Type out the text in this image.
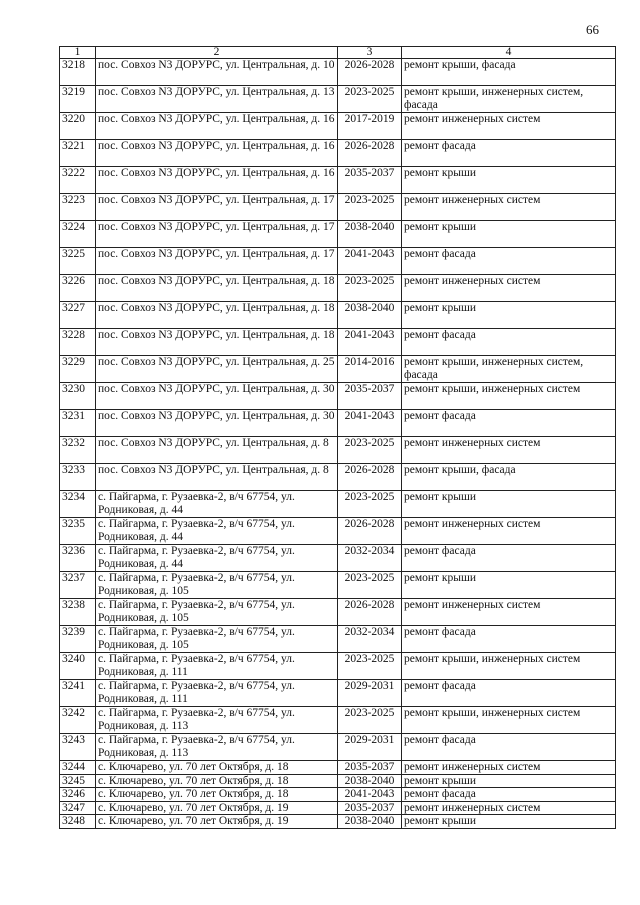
66
1	2	3	4
3218	пос. Совхоз N3 ДОРУРС, ул. Центральная, д. 10	2026-2028	ремонт крыши, фасада
3219	пос. Совхоз N3 ДОРУРС, ул. Центральная, д. 13	2023-2025	ремонт крыши, инженерных систем, фасада
3220	пос. Совхоз N3 ДОРУРС, ул. Центральная, д. 16	2017-2019	ремонт инженерных систем
3221	пос. Совхоз N3 ДОРУРС, ул. Центральная, д. 16	2026-2028	ремонт фасада
3222	пос. Совхоз N3 ДОРУРС, ул. Центральная, д. 16	2035-2037	ремонт крыши
3223	пос. Совхоз N3 ДОРУРС, ул. Центральная, д. 17	2023-2025	ремонт инженерных систем
3224	пос. Совхоз N3 ДОРУРС, ул. Центральная, д. 17	2038-2040	ремонт крыши
3225	пос. Совхоз N3 ДОРУРС, ул. Центральная, д. 17	2041-2043	ремонт фасада
3226	пос. Совхоз N3 ДОРУРС, ул. Центральная, д. 18	2023-2025	ремонт инженерных систем
3227	пос. Совхоз N3 ДОРУРС, ул. Центральная, д. 18	2038-2040	ремонт крыши
3228	пос. Совхоз N3 ДОРУРС, ул. Центральная, д. 18	2041-2043	ремонт фасада
3229	пос. Совхоз N3 ДОРУРС, ул. Центральная, д. 25	2014-2016	ремонт крыши, инженерных систем, фасада
3230	пос. Совхоз N3 ДОРУРС, ул. Центральная, д. 30	2035-2037	ремонт крыши, инженерных систем
3231	пос. Совхоз N3 ДОРУРС, ул. Центральная, д. 30	2041-2043	ремонт фасада
3232	пос. Совхоз N3 ДОРУРС, ул. Центральная, д. 8	2023-2025	ремонт инженерных систем
3233	пос. Совхоз N3 ДОРУРС, ул. Центральная, д. 8	2026-2028	ремонт крыши, фасада
3234	с. Пайгарма, г. Рузаевка-2, в/ч 67754, ул. Родниковая, д. 44	2023-2025	ремонт крыши
3235	с. Пайгарма, г. Рузаевка-2, в/ч 67754, ул. Родниковая, д. 44	2026-2028	ремонт инженерных систем
3236	с. Пайгарма, г. Рузаевка-2, в/ч 67754, ул. Родниковая, д. 44	2032-2034	ремонт фасада
3237	с. Пайгарма, г. Рузаевка-2, в/ч 67754, ул. Родниковая, д. 105	2023-2025	ремонт крыши
3238	с. Пайгарма, г. Рузаевка-2, в/ч 67754, ул. Родниковая, д. 105	2026-2028	ремонт инженерных систем
3239	с. Пайгарма, г. Рузаевка-2, в/ч 67754, ул. Родниковая, д. 105	2032-2034	ремонт фасада
3240	с. Пайгарма, г. Рузаевка-2, в/ч 67754, ул. Родниковая, д. 111	2023-2025	ремонт крыши, инженерных систем
3241	с. Пайгарма, г. Рузаевка-2, в/ч 67754, ул. Родниковая, д. 111	2029-2031	ремонт фасада
3242	с. Пайгарма, г. Рузаевка-2, в/ч 67754, ул. Родниковая, д. 113	2023-2025	ремонт крыши, инженерных систем
3243	с. Пайгарма, г. Рузаевка-2, в/ч 67754, ул. Родниковая, д. 113	2029-2031	ремонт фасада
3244	с. Ключарево, ул. 70 лет Октября, д. 18	2035-2037	ремонт инженерных систем
3245	с. Ключарево, ул. 70 лет Октября, д. 18	2038-2040	ремонт крыши
3246	с. Ключарево, ул. 70 лет Октября, д. 18	2041-2043	ремонт фасада
3247	с. Ключарево, ул. 70 лет Октября, д. 19	2035-2037	ремонт инженерных систем
3248	с. Ключарево, ул. 70 лет Октября, д. 19	2038-2040	ремонт крыши
